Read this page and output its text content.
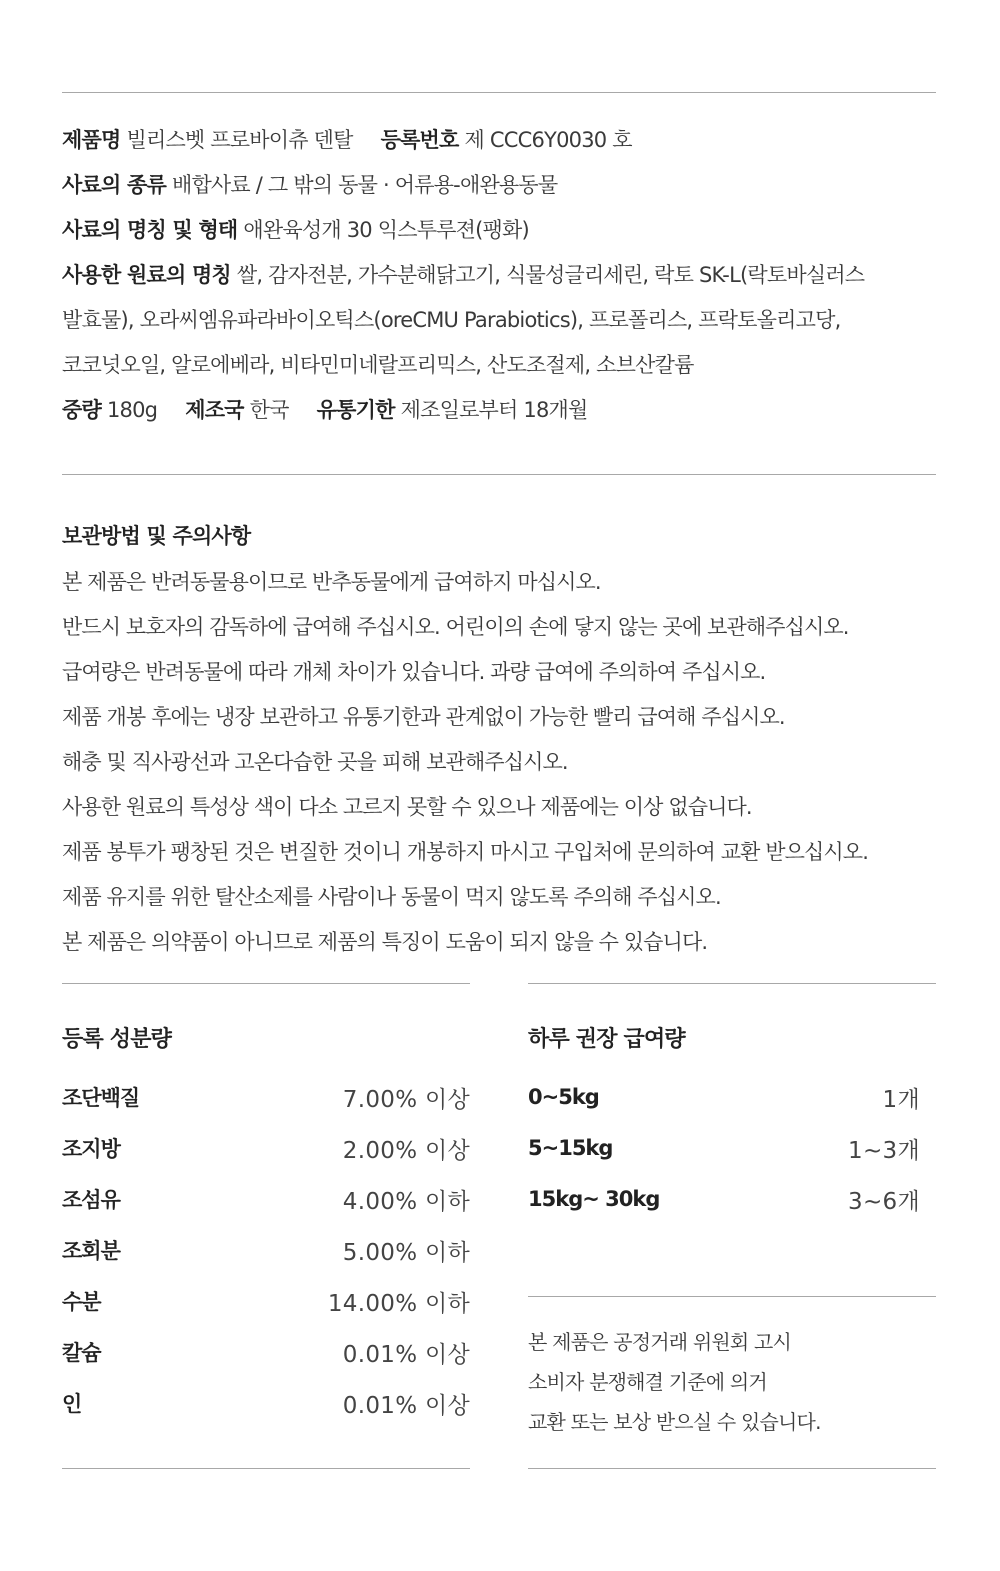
제품명 빌리스벳 프로바이츄 덴탈 등록번호 제 CCC6Y0030 호
사료의 종류 배합사료 / 그 밖의 동물 · 어류용-애완용동물
사료의 명칭 및 형태 애완육성개 30 익스투루젼(팽화)
사용한 원료의 명칭 쌀, 감자전분, 가수분해닭고기, 식물성글리세린, 락토 SK-L(락토바실러스
발효물), 오라씨엠유파라바이오틱스(oreCMU Parabiotics), 프로폴리스, 프락토올리고당,
코코넛오일, 알로에베라, 비타민미네랄프리믹스, 산도조절제, 소브산칼륨
중량 180g 제조국 한국 유통기한 제조일로부터 18개월
보관방법 및 주의사항
본 제품은 반려동물용이므로 반추동물에게 급여하지 마십시오.
반드시 보호자의 감독하에 급여해 주십시오. 어린이의 손에 닿지 않는 곳에 보관해주십시오.
급여량은 반려동물에 따라 개체 차이가 있습니다. 과량 급여에 주의하여 주십시오.
제품 개봉 후에는 냉장 보관하고 유통기한과 관계없이 가능한 빨리 급여해 주십시오.
해충 및 직사광선과 고온다습한 곳을 피해 보관해주십시오.
사용한 원료의 특성상 색이 다소 고르지 못할 수 있으나 제품에는 이상 없습니다.
제품 봉투가 팽창된 것은 변질한 것이니 개봉하지 마시고 구입처에 문의하여 교환 받으십시오.
제품 유지를 위한 탈산소제를 사람이나 동물이 먹지 않도록 주의해 주십시오.
본 제품은 의약품이 아니므로 제품의 특징이 도움이 되지 않을 수 있습니다.
등록 성분량
조단백질	7.00% 이상
조지방	2.00% 이상
조섬유	4.00% 이하
조회분	5.00% 이하
수분	14.00% 이하
칼슘	0.01% 이상
인	0.01% 이상
하루 권장 급여량
0~5kg	1개
5~15kg	1~3개
15kg~ 30kg	3~6개
본 제품은 공정거래 위원회 고시
소비자 분쟁해결 기준에 의거
교환 또는 보상 받으실 수 있습니다.
